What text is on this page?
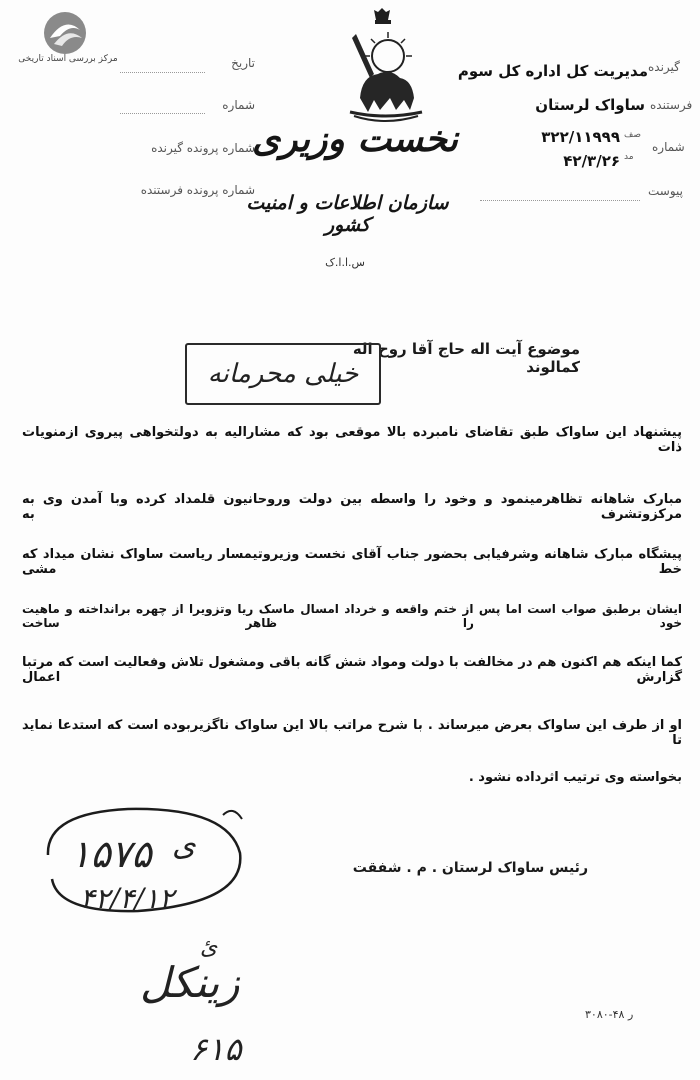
مرکز بررسی اسناد تاریخی
گیرنده
مدیریت کل اداره کل سوم
فرستنده
ساواک لرستان
شماره
صف
مد
۳۲۲/۱۱۹۹۹
۴۲/۳/۲۶
پیوست
تاریخ
شماره
شماره پرونده گیرنده
شماره پرونده فرستنده
نخست وزیری
سازمان اطلاعات و امنیت کشور
س.ا.ا.ک
موضوع آیت اله حاج آقا روح اله کمالوند
خیلی محرمانه
پیشنهاد این ساواک طبق تقاضای نامبرده بالا موقعی بود که مشارالیه به دولتخواهی پیروی ازمنویات ذات
مبارک شاهانه تظاهرمینمود و وخود را واسطه بین دولت وروحانیون قلمداد کرده وبا آمدن وی به مرکزوتشرف به
پیشگاه مبارک شاهانه وشرفیابی بحضور جناب آقای نخست وزیروتیمسار ریاست ساواک نشان میداد که خط مشی
ایشان برطبق صواب است اما پس از ختم واقعه و خرداد امسال ماسک ریا وتزویرا از چهره برانداخته و ماهیت خود را ظاهر ساخت
کما اینکه هم اکنون هم در مخالفت با دولت ومواد شش گانه باقی ومشغول تلاش وفعالیت است که مرتبا گزارش اعمال
او از طرف این ساواک بعرض میرساند . با شرح مراتب بالا این ساواک ناگزیربوده است که استدعا نماید تا
بخواسته وی ترتیب اثرداده نشود .
رئیس ساواک لرستان . م . شفقت
۱۵۷۵ ی
۴۲/۴/۱۲
ئ
زینکل
۶۱۵
ر ۴۸-۳۰۸۰
